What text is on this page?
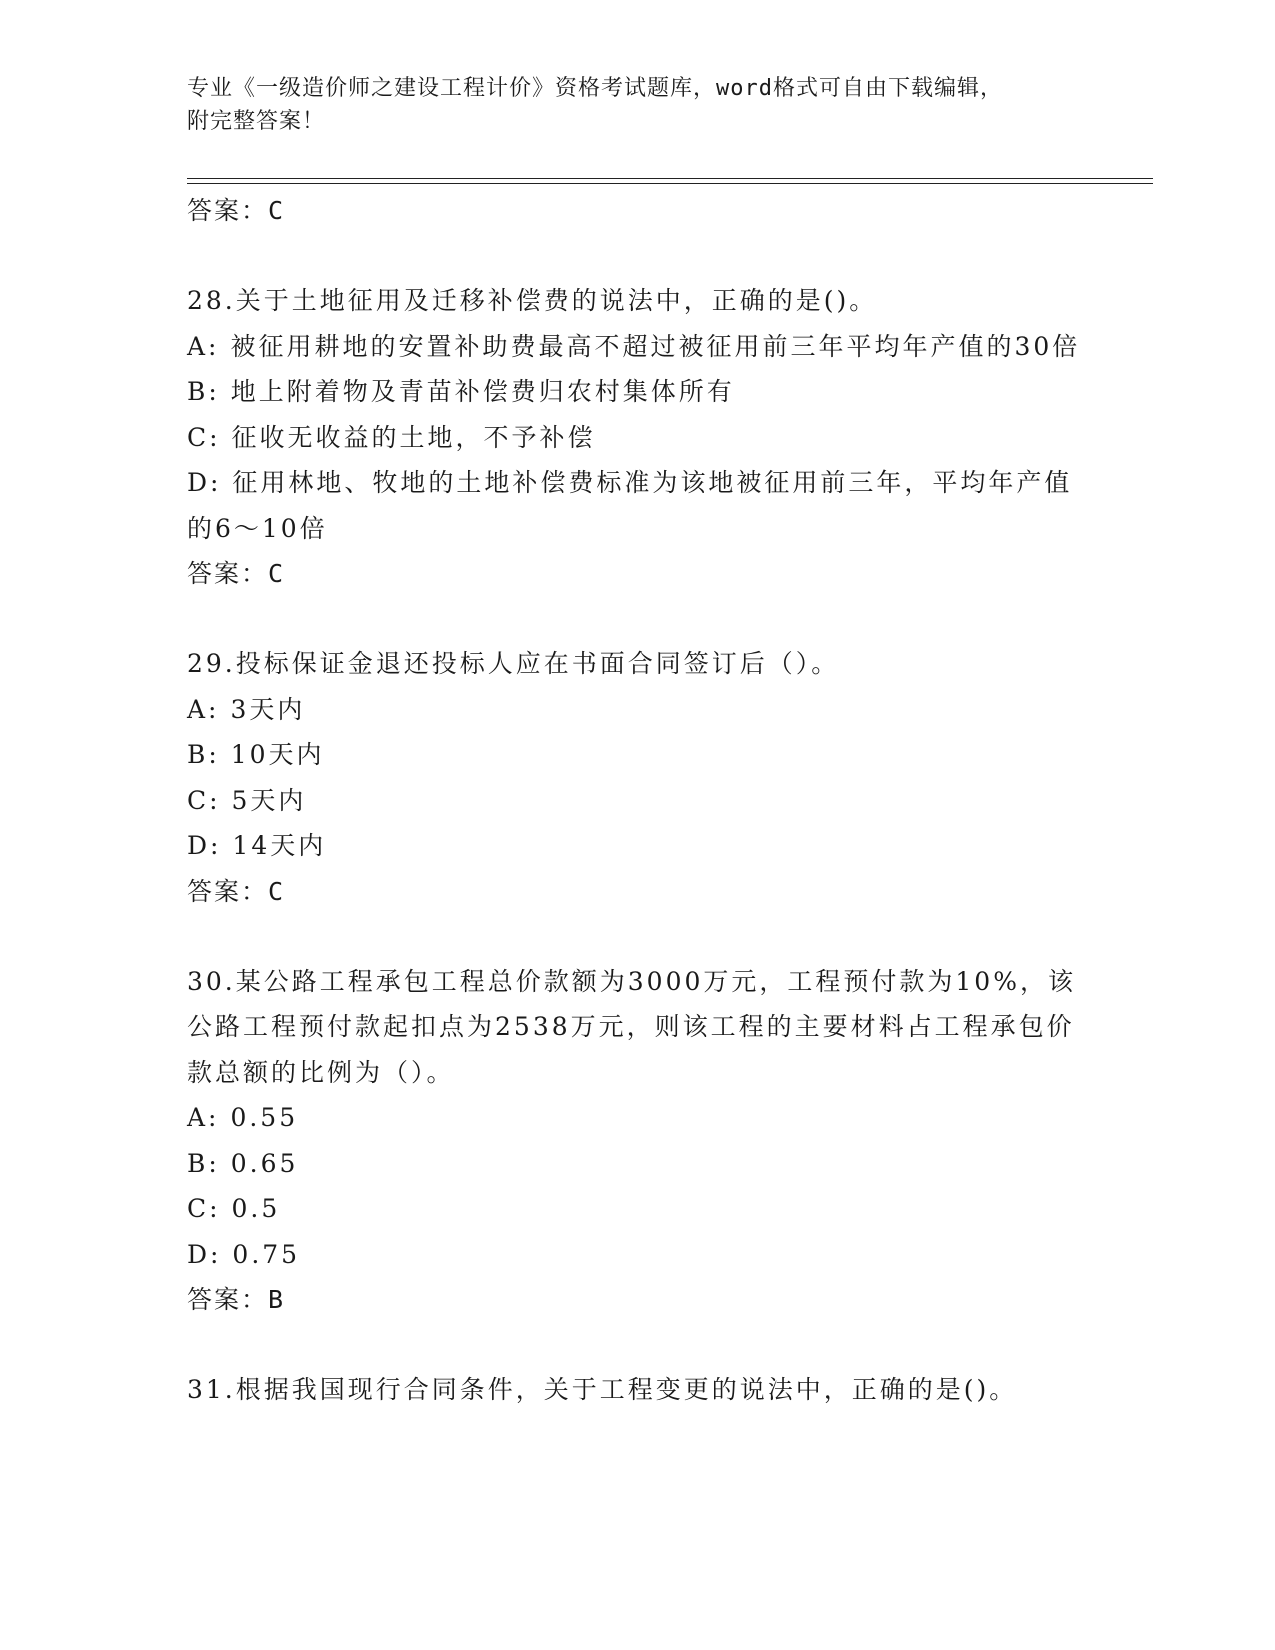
专业《一级造价师之建设工程计价》资格考试题库，word格式可自由下载编辑，
附完整答案！
答案：C
28.关于土地征用及迁移补偿费的说法中，正确的是()。
A: 被征用耕地的安置补助费最高不超过被征用前三年平均年产值的30倍
B: 地上附着物及青苗补偿费归农村集体所有
C: 征收无收益的土地，不予补偿
D: 征用林地、牧地的土地补偿费标准为该地被征用前三年，平均年产值的6～10倍
答案：C
29.投标保证金退还投标人应在书面合同签订后（）。
A: 3天内
B: 10天内
C: 5天内
D: 14天内
答案：C
30.某公路工程承包工程总价款额为3000万元，工程预付款为10%，该公路工程预付款起扣点为2538万元，则该工程的主要材料占工程承包价款总额的比例为（）。
A: 0.55
B: 0.65
C: 0.5
D: 0.75
答案：B
31.根据我国现行合同条件，关于工程变更的说法中，正确的是()。
